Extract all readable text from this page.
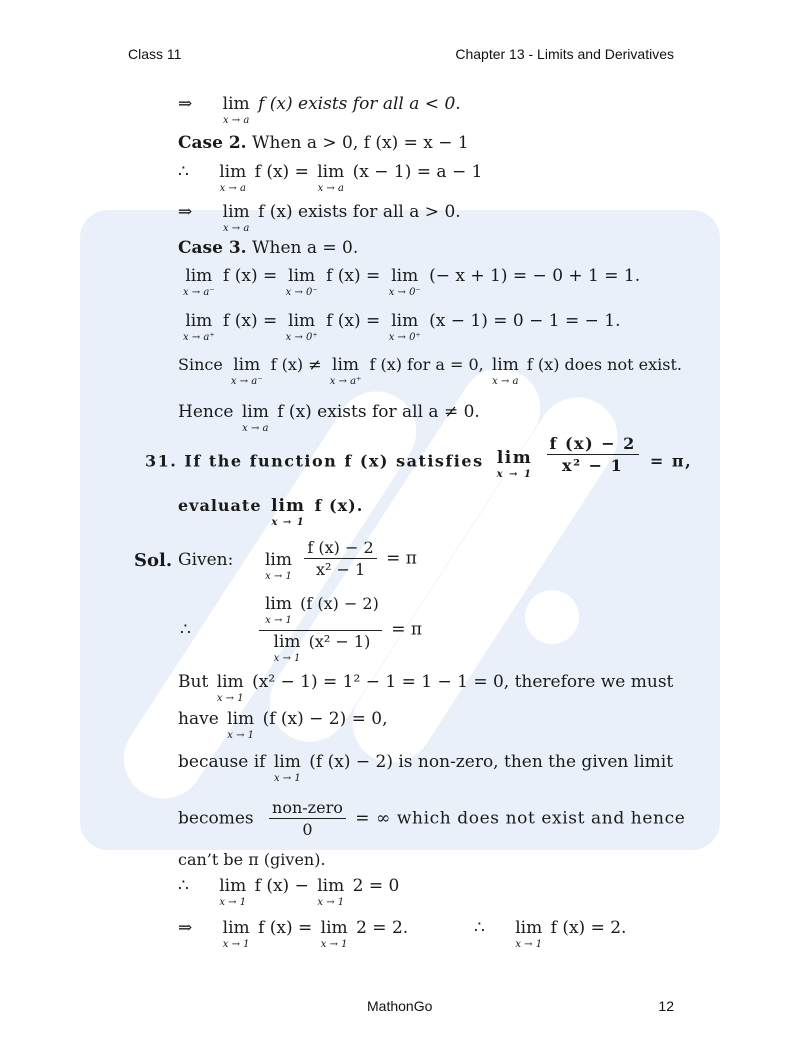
Class 11	Chapter 13 - Limits and Derivatives
⇒ lim
x → a
f (x) exists for all a < 0.
Case 2. When a > 0, f (x) = x − 1
∴ lim
x → a
f (x) = lim
x → a
(x − 1) = a − 1
⇒ lim
x → a
f (x) exists for all a > 0.
Case 3. When a = 0.
lim
x → a⁻
f (x) = lim
x → 0⁻
f (x) = lim
x → 0⁻
(− x + 1) = − 0 + 1 = 1.
lim
x → a⁺
f (x) = lim
x → 0⁺
f (x) = lim
x → 0⁺
(x − 1) = 0 − 1 = − 1.
Since lim
x → a⁻
f (x) ≠ lim
x → a⁺
f (x) for a = 0, lim
x → a
f (x) does not exist.
Hence lim
x → a
f (x) exists for all a ≠ 0.
31. If the function f (x) satisfies lim
x → 1

$\frac{f (x) - 2}{\text{x² − 1}} = \pi$,
evaluate lim
x → 1
f (x).
Sol. Given: lim
x → 1
$\frac{f (x) - 2}{\text{x² − 1}} = \pi$
∴	lim
x → 1
(f (x) − 2)
lim
x → 1
(x² − 1) = π
But lim
x → 1
(x² − 1) = 1² − 1 = 1 − 1 = 0, therefore we must
have lim
x → 1
(f (x) − 2) = 0,
because if lim
x → 1
(f (x) − 2) is non-zero, then the given limit
becomes $\frac{\text{non-zero}}{0}$ = ∞ which does not exist and hence
can’t be π (given).
∴ lim
x → 1
f (x) − lim
x → 1
2 = 0
⇒ lim
x → 1
f (x) = lim
x → 1
2 = 2.	∴ lim
x → 1
f (x) = 2.
MathonGo	12
